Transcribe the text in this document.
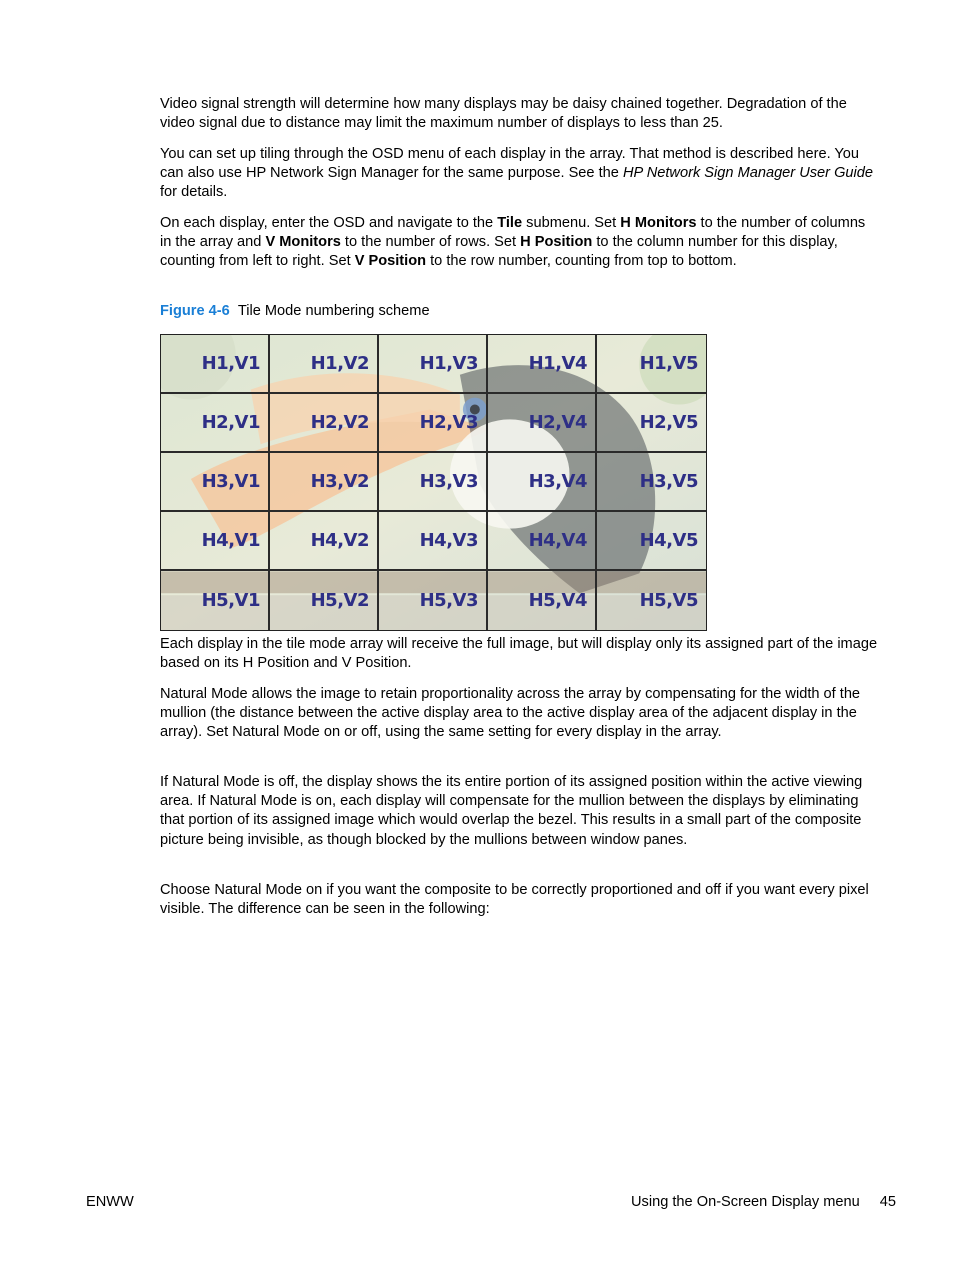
Video signal strength will determine how many displays may be daisy chained together. Degradation of the video signal due to distance may limit the maximum number of displays to less than 25.

You can set up tiling through the OSD menu of each display in the array. That method is described here. You can also use HP Network Sign Manager for the same purpose. See the HP Network Sign Manager User Guide for details.

On each display, enter the OSD and navigate to the Tile submenu. Set H Monitors to the number of columns in the array and V Monitors to the number of rows. Set H Position to the column number for this display, counting from left to right. Set V Position to the row number, counting from top to bottom.

Figure 4-6 Tile Mode numbering scheme

H1,V1	H1,V2	H1,V3	H1,V4	H1,V5
H2,V1	H2,V2	H2,V3	H2,V4	H2,V5
H3,V1	H3,V2	H3,V3	H3,V4	H3,V5
H4,V1	H4,V2	H4,V3	H4,V4	H4,V5
H5,V1	H5,V2	H5,V3	H5,V4	H5,V5

Each display in the tile mode array will receive the full image, but will display only its assigned part of the image based on its H Position and V Position.

Natural Mode allows the image to retain proportionality across the array by compensating for the width of the mullion (the distance between the active display area to the active display area of the adjacent display in the array). Set Natural Mode on or off, using the same setting for every display in the array.

If Natural Mode is off, the display shows the its entire portion of its assigned position within the active viewing area. If Natural Mode is on, each display will compensate for the mullion between the displays by eliminating that portion of its assigned image which would overlap the bezel. This results in a small part of the composite picture being invisible, as though blocked by the mullions between window panes.

Choose Natural Mode on if you want the composite to be correctly proportioned and off if you want every pixel visible. The difference can be seen in the following:

ENWW	Using the On-Screen Display menu 45
